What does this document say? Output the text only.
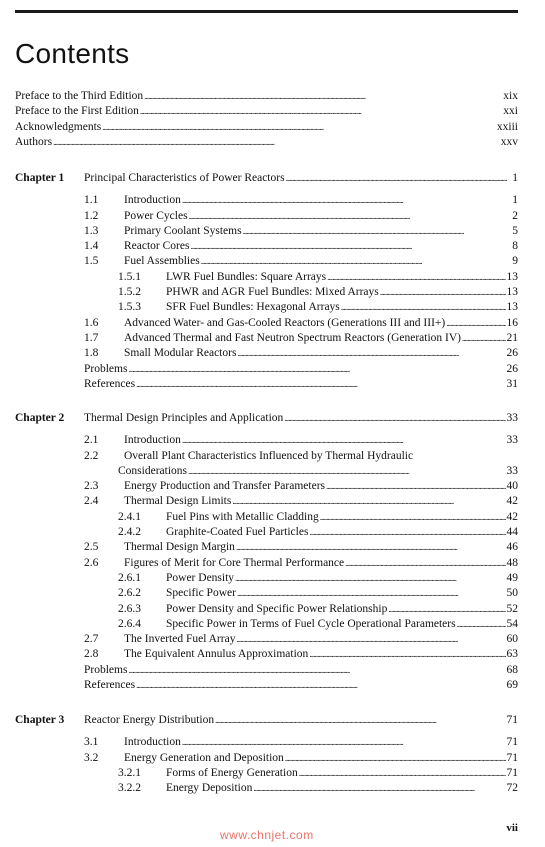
Contents
Preface to the Third Edition . . .	xix
Preface to the First Edition . . .	xxi
Acknowledgments . . .	xxiii
Authors . . .	xxv
Chapter 1	Principal Characteristics of Power Reactors . . .	1
1.1	Introduction . . .	1
1.2	Power Cycles . . .	2
1.3	Primary Coolant Systems . . .	5
1.4	Reactor Cores . . .	8
1.5	Fuel Assemblies . . .	9
1.5.1	LWR Fuel Bundles: Square Arrays . . .	13
1.5.2	PHWR and AGR Fuel Bundles: Mixed Arrays . . .	13
1.5.3	SFR Fuel Bundles: Hexagonal Arrays . . .	13
1.6	Advanced Water- and Gas-Cooled Reactors (Generations III and III+) . . .	16
1.7	Advanced Thermal and Fast Neutron Spectrum Reactors (Generation IV) . . .	21
1.8	Small Modular Reactors . . .	26
Problems . . .	26
References . . .	31
Chapter 2	Thermal Design Principles and Application . . .	33
2.1	Introduction . . .	33
2.2	Overall Plant Characteristics Influenced by Thermal Hydraulic
Considerations . . .	33
2.3	Energy Production and Transfer Parameters . . .	40
2.4	Thermal Design Limits . . .	42
2.4.1	Fuel Pins with Metallic Cladding . . .	42
2.4.2	Graphite-Coated Fuel Particles . . .	44
2.5	Thermal Design Margin . . .	46
2.6	Figures of Merit for Core Thermal Performance . . .	48
2.6.1	Power Density . . .	49
2.6.2	Specific Power . . .	50
2.6.3	Power Density and Specific Power Relationship . . .	52
2.6.4	Specific Power in Terms of Fuel Cycle Operational Parameters . . .	54
2.7	The Inverted Fuel Array . . .	60
2.8	The Equivalent Annulus Approximation . . .	63
Problems . . .	68
References . . .	69
Chapter 3	Reactor Energy Distribution . . .	71
3.1	Introduction . . .	71
3.2	Energy Generation and Deposition . . .	71
3.2.1	Forms of Energy Generation . . .	71
3.2.2	Energy Deposition . . .	72
vii
www.chnjet.com
